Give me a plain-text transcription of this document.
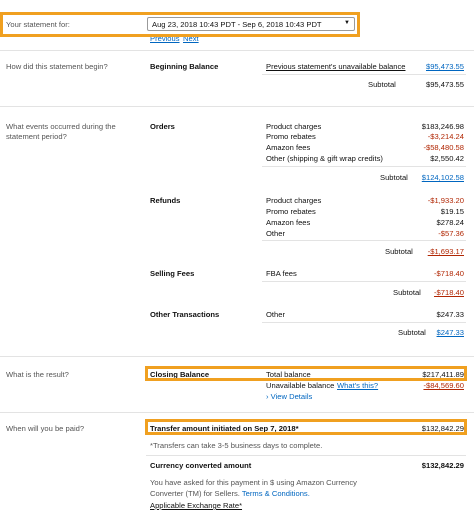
Your statement for:	Aug 23, 2018 10:43 PDT - Sep 6, 2018 10:43 PDT	▼
Previous Next
How did this statement begin?	Beginning Balance	Previous statement's unavailable balance	$95,473.55
Subtotal	$95,473.55
What events occurred during the
statement period?
Orders	Product charges	$183,246.98
Promo rebates	-$3,214.24
Amazon fees	-$58,480.58
Other (shipping & gift wrap credits)	$2,550.42
Subtotal $124,102.58
Refunds	Product charges	-$1,933.20
Promo rebates	$19.15
Amazon fees	$278.24
Other	-$57.36
Subtotal -$1,693.17
Selling Fees	FBA fees	-$718.40
Subtotal -$718.40
Other Transactions	Other	$247.33
Subtotal $247.33
What is the result?	Closing Balance	Total balance	$217,411.89
Unavailable balance What's this?	-$84,569.60
› View Details
When will you be paid?	Transfer amount initiated on Sep 7, 2018*	$132,842.29
*Transfers can take 3-5 business days to complete.
Currency converted amount	$132,842.29
You have asked for this payment in $ using Amazon Currency
Converter (TM) for Sellers. Terms & Conditions.
Applicable Exchange Rate*
